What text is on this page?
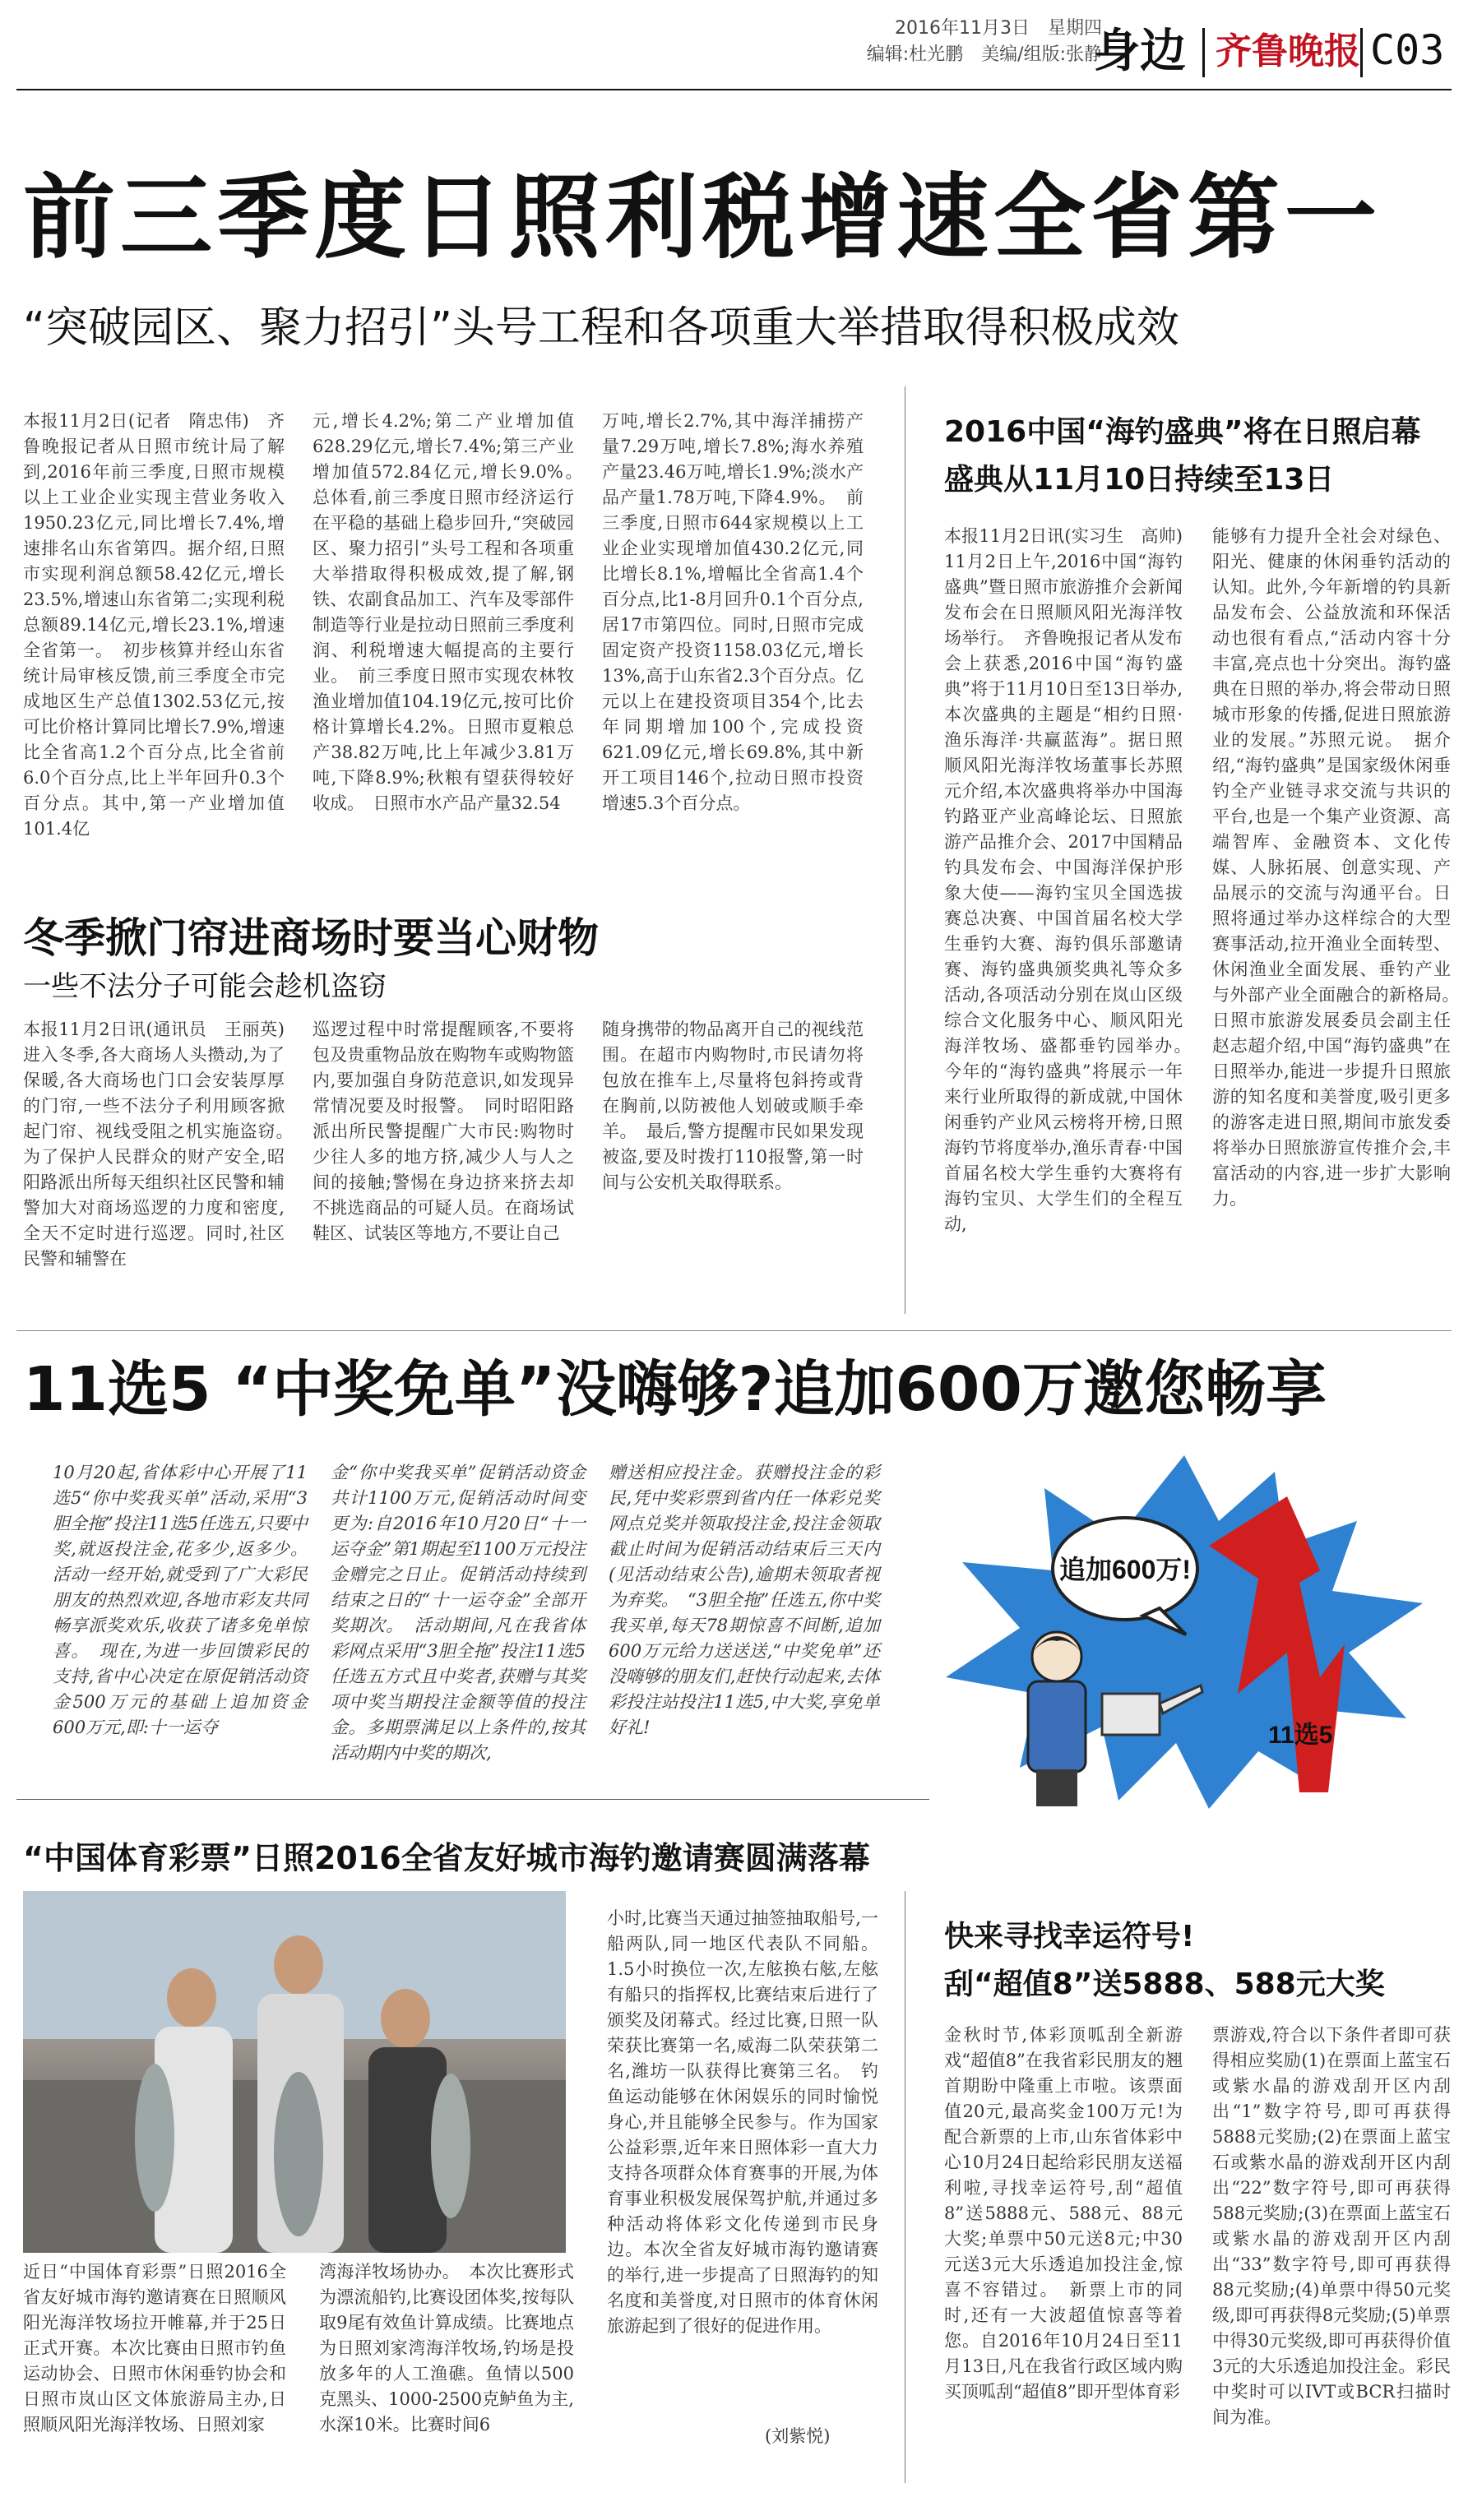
2016年11月3日　星期四
编辑:杜光鹏　美编/组版:张静
身边 齐鲁晚报 C03
前三季度日照利税增速全省第一
“突破园区、聚力招引”头号工程和各项重大举措取得积极成效
本报11月2日(记者　隋忠伟)　齐鲁晚报记者从日照市统计局了解到,2016年前三季度,日照市规模以上工业企业实现主营业务收入1950.23亿元,同比增长7.4%,增速排名山东省第四。据介绍,日照市实现利润总额58.42亿元,增长23.5%,增速山东省第二;实现利税总额89.14亿元,增长23.1%,增速全省第一。　初步核算并经山东省统计局审核反馈,前三季度全市完成地区生产总值1302.53亿元,按可比价格计算同比增长7.9%,增速比全省高1.2个百分点,比全省前6.0个百分点,比上半年回升0.3个百分点。其中,第一产业增加值101.4亿
元,增长4.2%;第二产业增加值628.29亿元,增长7.4%;第三产业增加值572.84亿元,增长9.0%。　总体看,前三季度日照市经济运行在平稳的基础上稳步回升,“突破园区、聚力招引”头号工程和各项重大举措取得积极成效,提了解,钢铁、农副食品加工、汽车及零部件制造等行业是拉动日照前三季度利润、利税增速大幅提高的主要行业。　前三季度日照市实现农林牧渔业增加值104.19亿元,按可比价格计算增长4.2%。日照市夏粮总产38.82万吨,比上年减少3.81万吨,下降8.9%;秋粮有望获得较好收成。　日照市水产品产量32.54
万吨,增长2.7%,其中海洋捕捞产量7.29万吨,增长7.8%;海水养殖产量23.46万吨,增长1.9%;淡水产品产量1.78万吨,下降4.9%。　前三季度,日照市644家规模以上工业企业实现增加值430.2亿元,同比增长8.1%,增幅比全省高1.4个百分点,比1-8月回升0.1个百分点,居17市第四位。同时,日照市完成固定资产投资1158.03亿元,增长13%,高于山东省2.3个百分点。亿元以上在建投资项目354个,比去年同期增加100个,完成投资621.09亿元,增长69.8%,其中新开工项目146个,拉动日照市投资增速5.3个百分点。
冬季掀门帘进商场时要当心财物
一些不法分子可能会趁机盗窃
本报11月2日讯(通讯员　王丽英)　进入冬季,各大商场人头攒动,为了保暖,各大商场也门口会安装厚厚的门帘,一些不法分子利用顾客掀起门帘、视线受阻之机实施盗窃。　为了保护人民群众的财产安全,昭阳路派出所每天组织社区民警和辅警加大对商场巡逻的力度和密度,全天不定时进行巡逻。同时,社区民警和辅警在
巡逻过程中时常提醒顾客,不要将包及贵重物品放在购物车或购物篮内,要加强自身防范意识,如发现异常情况要及时报警。　同时昭阳路派出所民警提醒广大市民:购物时少往人多的地方挤,减少人与人之间的接触;警惕在身边挤来挤去却不挑选商品的可疑人员。在商场试鞋区、试装区等地方,不要让自己
随身携带的物品离开自己的视线范围。在超市内购物时,市民请勿将包放在推车上,尽量将包斜挎或背在胸前,以防被他人划破或顺手牵羊。　最后,警方提醒市民如果发现被盗,要及时拨打110报警,第一时间与公安机关取得联系。
2016中国“海钓盛典”将在日照启幕
盛典从11月10日持续至13日
本报11月2日讯(实习生　高帅)　11月2日上午,2016中国“海钓盛典”暨日照市旅游推介会新闻发布会在日照顺风阳光海洋牧场举行。　齐鲁晚报记者从发布会上获悉,2016中国“海钓盛典”将于11月10日至13日举办,本次盛典的主题是“相约日照·渔乐海洋·共赢蓝海”。据日照顺风阳光海洋牧场董事长苏照元介绍,本次盛典将举办中国海钓路亚产业高峰论坛、日照旅游产品推介会、2017中国精品钓具发布会、中国海洋保护形象大使——海钓宝贝全国选拔赛总决赛、中国首届名校大学生垂钓大赛、海钓俱乐部邀请赛、海钓盛典颁奖典礼等众多活动,各项活动分别在岚山区级综合文化服务中心、顺风阳光海洋牧场、盛都垂钓园举办。　今年的“海钓盛典”将展示一年来行业所取得的新成就,中国休闲垂钓产业风云榜将开榜,日照海钓节将度举办,渔乐青春·中国首届名校大学生垂钓大赛将有海钓宝贝、大学生们的全程互动,
能够有力提升全社会对绿色、阳光、健康的休闲垂钓活动的认知。此外,今年新增的钓具新品发布会、公益放流和环保活动也很有看点,“活动内容十分丰富,亮点也十分突出。海钓盛典在日照的举办,将会带动日照城市形象的传播,促进日照旅游业的发展。”苏照元说。　据介绍,“海钓盛典”是国家级休闲垂钓全产业链寻求交流与共识的平台,也是一个集产业资源、高端智库、金融资本、文化传媒、人脉拓展、创意实现、产品展示的交流与沟通平台。日照将通过举办这样综合的大型赛事活动,拉开渔业全面转型、休闲渔业全面发展、垂钓产业与外部产业全面融合的新格局。　日照市旅游发展委员会副主任赵志超介绍,中国“海钓盛典”在日照举办,能进一步提升日照旅游的知名度和美誉度,吸引更多的游客走进日照,期间市旅发委将举办日照旅游宣传推介会,丰富活动的内容,进一步扩大影响力。
11选5 “中奖免单”没嗨够?追加600万邀您畅享
10月20起,省体彩中心开展了11选5“你中奖我买单”活动,采用“3胆全拖”投注11选5任选五,只要中奖,就返投注金,花多少,返多少。活动一经开始,就受到了广大彩民朋友的热烈欢迎,各地市彩友共同畅享派奖欢乐,收获了诸多免单惊喜。　现在,为进一步回馈彩民的支持,省中心决定在原促销活动资金500万元的基础上追加资金600万元,即:十一运夺
金“你中奖我买单”促销活动资金共计1100万元,促销活动时间变更为:自2016年10月20日“十一运夺金”第1期起至1100万元投注金赠完之日止。促销活动持续到结束之日的“十一运夺金”全部开奖期次。　活动期间,凡在我省体彩网点采用“3胆全拖”投注11选5任选五方式且中奖者,获赠与其奖项中奖当期投注金额等值的投注金。多期票满足以上条件的,按其活动期内中奖的期次,
赠送相应投注金。获赠投注金的彩民,凭中奖彩票到省内任一体彩兑奖网点兑奖并领取投注金,投注金领取截止时间为促销活动结束后三天内(见活动结束公告),逾期未领取者视为弃奖。　“3胆全拖”任选五,你中奖我买单,每天78期惊喜不间断,追加600万元给力送送送,“中奖免单”还没嗨够的朋友们,赶快行动起来,去体彩投注站投注11选5,中大奖,享免单好礼!
追加600万!
11选5
“中国体育彩票”日照2016全省友好城市海钓邀请赛圆满落幕
近日“中国体育彩票”日照2016全省友好城市海钓邀请赛在日照顺风阳光海洋牧场拉开帷幕,并于25日正式开赛。本次比赛由日照市钓鱼运动协会、日照市休闲垂钓协会和日照市岚山区文体旅游局主办,日照顺风阳光海洋牧场、日照刘家
湾海洋牧场协办。　本次比赛形式为漂流船钓,比赛设团体奖,按每队取9尾有效鱼计算成绩。比赛地点为日照刘家湾海洋牧场,钓场是投放多年的人工渔礁。鱼情以500克黑头、1000-2500克鲈鱼为主,水深10米。比赛时间6
小时,比赛当天通过抽签抽取船号,一船两队,同一地区代表队不同船。1.5小时换位一次,左舷换右舷,左舷有船只的指挥权,比赛结束后进行了颁奖及闭幕式。经过比赛,日照一队荣获比赛第一名,威海二队荣获第二名,潍坊一队获得比赛第三名。　钓鱼运动能够在休闲娱乐的同时愉悦身心,并且能够全民参与。作为国家公益彩票,近年来日照体彩一直大力支持各项群众体育赛事的开展,为体育事业积极发展保驾护航,并通过多种活动将体彩文化传递到市民身边。本次全省友好城市海钓邀请赛的举行,进一步提高了日照海钓的知名度和美誉度,对日照市的体育休闲旅游起到了很好的促进作用。
(刘紫悦)
快来寻找幸运符号!
刮“超值8”送5888、588元大奖
金秋时节,体彩顶呱刮全新游戏“超值8”在我省彩民朋友的翘首期盼中隆重上市啦。该票面值20元,最高奖金100万元!为配合新票的上市,山东省体彩中心10月24日起给彩民朋友送福利啦,寻找幸运符号,刮“超值8”送5888元、588元、88元大奖;单票中50元送8元;中30元送3元大乐透追加投注金,惊喜不容错过。　新票上市的同时,还有一大波超值惊喜等着您。自2016年10月24日至11月13日,凡在我省行政区域内购买顶呱刮“超值8”即开型体育彩
票游戏,符合以下条件者即可获得相应奖励(1)在票面上蓝宝石或紫水晶的游戏刮开区内刮出“1”数字符号,即可再获得5888元奖励;(2)在票面上蓝宝石或紫水晶的游戏刮开区内刮出“22”数字符号,即可再获得588元奖励;(3)在票面上蓝宝石或紫水晶的游戏刮开区内刮出“33”数字符号,即可再获得88元奖励;(4)单票中得50元奖级,即可再获得8元奖励;(5)单票中得30元奖级,即可再获得价值3元的大乐透追加投注金。彩民中奖时可以IVT或BCR扫描时间为准。
